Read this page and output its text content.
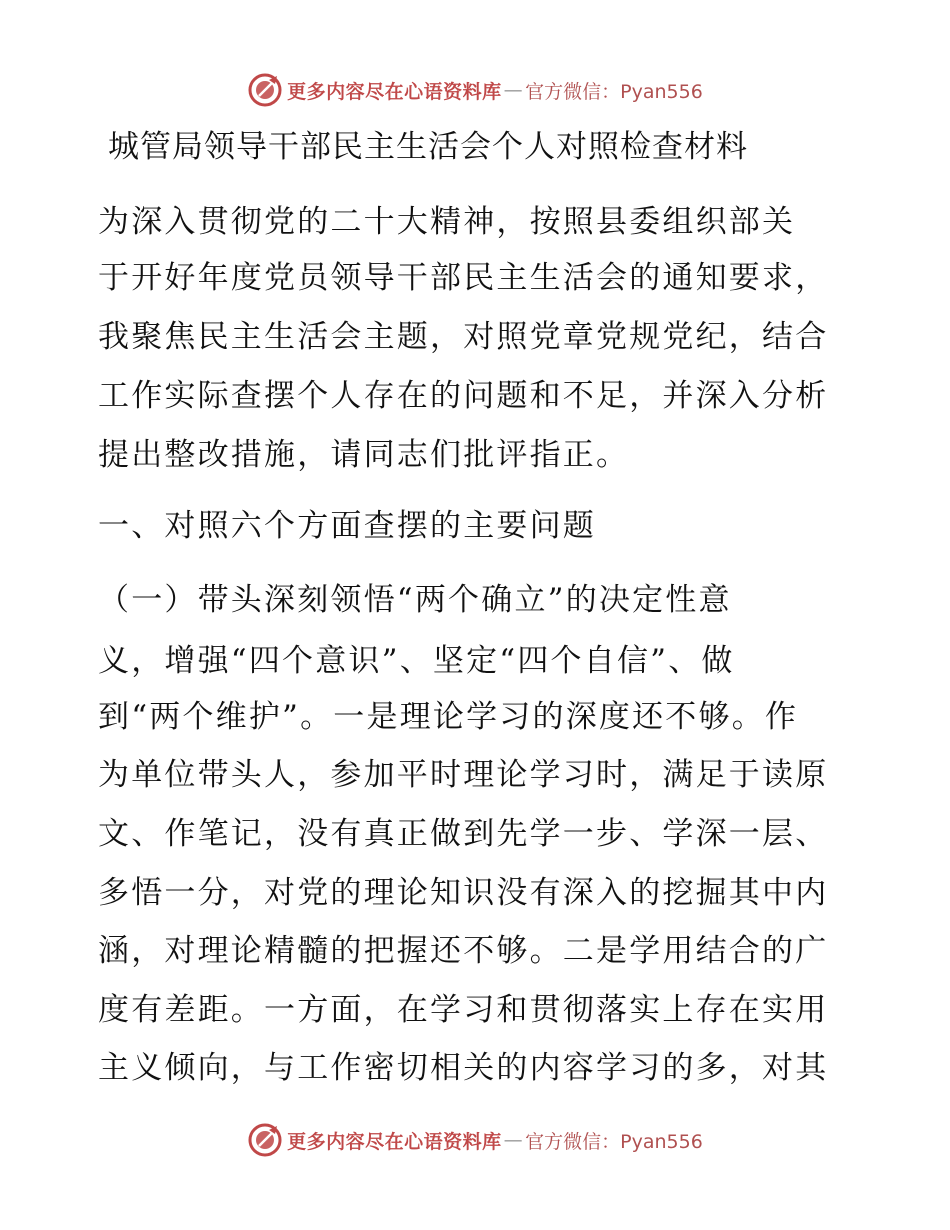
更多内容尽在心语资料库 — 官方微信：Pyan556
城管局领导干部民主生活会个人对照检查材料
为深入贯彻党的二十大精神，按照县委组织部关
于开好年度党员领导干部民主生活会的通知要求，
我聚焦民主生活会主题，对照党章党规党纪，结合
工作实际查摆个人存在的问题和不足，并深入分析
提出整改措施，请同志们批评指正。
一、对照六个方面查摆的主要问题
（一）带头深刻领悟“两个确立”的决定性意
义，增强“四个意识”、坚定“四个自信”、做
到“两个维护”。一是理论学习的深度还不够。作
为单位带头人，参加平时理论学习时，满足于读原
文、作笔记，没有真正做到先学一步、学深一层、
多悟一分，对党的理论知识没有深入的挖掘其中内
涵，对理论精髓的把握还不够。二是学用结合的广
度有差距。一方面，在学习和贯彻落实上存在实用
主义倾向，与工作密切相关的内容学习的多，对其
更多内容尽在心语资料库 — 官方微信：Pyan556
